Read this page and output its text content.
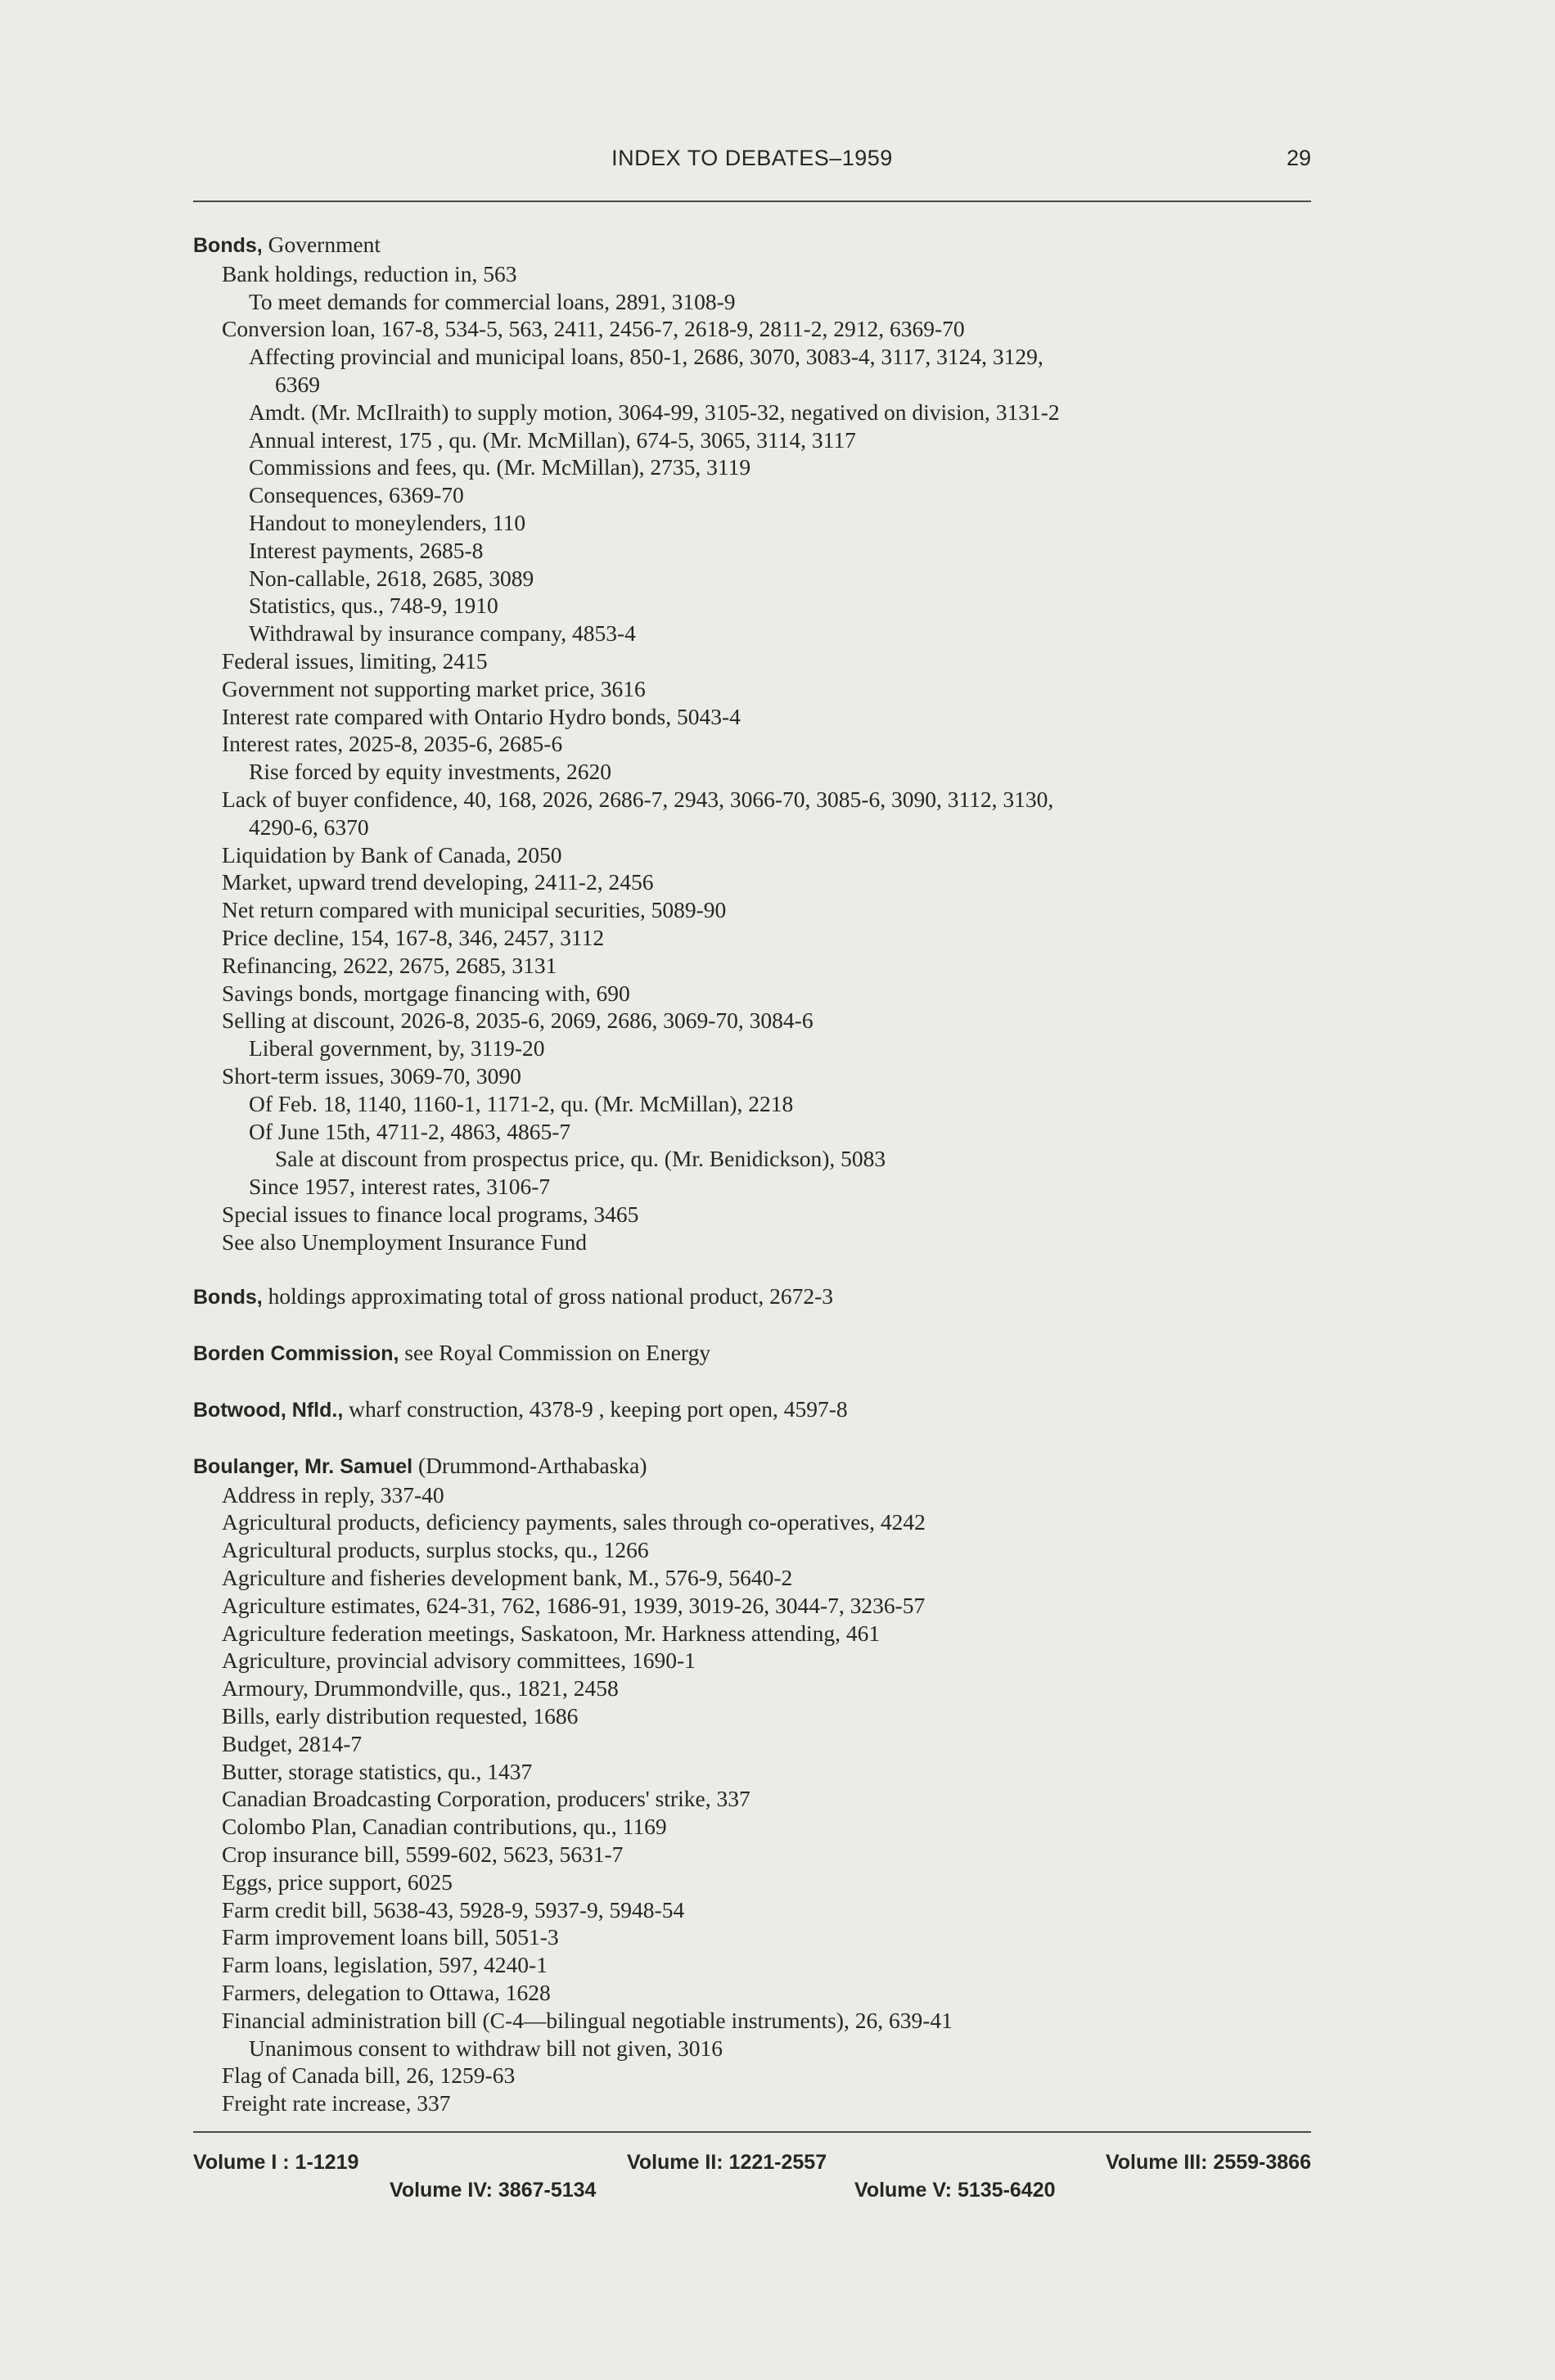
INDEX TO DEBATES–1959	29
Bonds, Government
Bank holdings, reduction in, 563
To meet demands for commercial loans, 2891, 3108-9
Conversion loan, 167-8, 534-5, 563, 2411, 2456-7, 2618-9, 2811-2, 2912, 6369-70
Affecting provincial and municipal loans, 850-1, 2686, 3070, 3083-4, 3117, 3124, 3129,
6369
Amdt. (Mr. McIlraith) to supply motion, 3064-99, 3105-32, negatived on division, 3131-2
Annual interest, 175 , qu. (Mr. McMillan), 674-5, 3065, 3114, 3117
Commissions and fees, qu. (Mr. McMillan), 2735, 3119
Consequences, 6369-70
Handout to moneylenders, 110
Interest payments, 2685-8
Non-callable, 2618, 2685, 3089
Statistics, qus., 748-9, 1910
Withdrawal by insurance company, 4853-4
Federal issues, limiting, 2415
Government not supporting market price, 3616
Interest rate compared with Ontario Hydro bonds, 5043-4
Interest rates, 2025-8, 2035-6, 2685-6
Rise forced by equity investments, 2620
Lack of buyer confidence, 40, 168, 2026, 2686-7, 2943, 3066-70, 3085-6, 3090, 3112, 3130,
4290-6, 6370
Liquidation by Bank of Canada, 2050
Market, upward trend developing, 2411-2, 2456
Net return compared with municipal securities, 5089-90
Price decline, 154, 167-8, 346, 2457, 3112
Refinancing, 2622, 2675, 2685, 3131
Savings bonds, mortgage financing with, 690
Selling at discount, 2026-8, 2035-6, 2069, 2686, 3069-70, 3084-6
Liberal government, by, 3119-20
Short-term issues, 3069-70, 3090
Of Feb. 18, 1140, 1160-1, 1171-2, qu. (Mr. McMillan), 2218
Of June 15th, 4711-2, 4863, 4865-7
Sale at discount from prospectus price, qu. (Mr. Benidickson), 5083
Since 1957, interest rates, 3106-7
Special issues to finance local programs, 3465
See also Unemployment Insurance Fund
Bonds, holdings approximating total of gross national product, 2672-3
Borden Commission, see Royal Commission on Energy
Botwood, Nfld., wharf construction, 4378-9 , keeping port open, 4597-8
Boulanger, Mr. Samuel (Drummond-Arthabaska)
Address in reply, 337-40
Agricultural products, deficiency payments, sales through co-operatives, 4242
Agricultural products, surplus stocks, qu., 1266
Agriculture and fisheries development bank, M., 576-9, 5640-2
Agriculture estimates, 624-31, 762, 1686-91, 1939, 3019-26, 3044-7, 3236-57
Agriculture federation meetings, Saskatoon, Mr. Harkness attending, 461
Agriculture, provincial advisory committees, 1690-1
Armoury, Drummondville, qus., 1821, 2458
Bills, early distribution requested, 1686
Budget, 2814-7
Butter, storage statistics, qu., 1437
Canadian Broadcasting Corporation, producers' strike, 337
Colombo Plan, Canadian contributions, qu., 1169
Crop insurance bill, 5599-602, 5623, 5631-7
Eggs, price support, 6025
Farm credit bill, 5638-43, 5928-9, 5937-9, 5948-54
Farm improvement loans bill, 5051-3
Farm loans, legislation, 597, 4240-1
Farmers, delegation to Ottawa, 1628
Financial administration bill (C-4—bilingual negotiable instruments), 26, 639-41
Unanimous consent to withdraw bill not given, 3016
Flag of Canada bill, 26, 1259-63
Freight rate increase, 337
Volume I : 1-1219	Volume II: 1221-2557	Volume III: 2559-3866
Volume IV: 3867-5134	Volume V: 5135-6420
